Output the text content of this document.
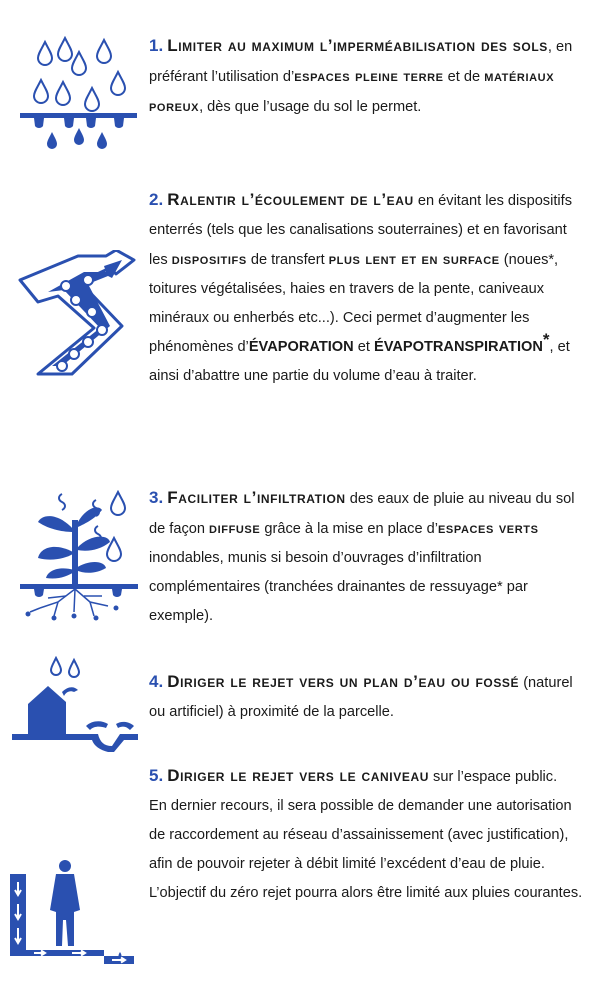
1. Limiter au maximum l’imperméabilisation des sols, en préférant l’utilisation d’espaces pleine terre et de matériaux poreux, dès que l’usage du sol le permet.

2. Ralentir l’écoulement de l’eau en évitant les dispositifs enterrés (tels que les canalisations souterraines) et en favorisant les dispositifs de transfert plus lent et en surface (noues*, toitures végétalisées, haies en travers de la pente, caniveaux minéraux ou enherbés etc...). Ceci permet d’augmenter les phénomènes d’ÉVAPORATION et ÉVAPOTRANSPIRATION*, et ainsi d’abattre une partie du volume d’eau à traiter.

3. Faciliter l’infiltration des eaux de pluie au niveau du sol de façon diffuse grâce à la mise en place d’espaces verts inondables, munis si besoin d’ouvrages d’infiltration complémentaires (tranchées drainantes de ressuyage* par exemple).

4. Diriger le rejet vers un plan d’eau ou fossé (naturel ou artificiel) à proximité de la parcelle.

5. Diriger le rejet vers le caniveau sur l’espace public.
En dernier recours, il sera possible de demander une autorisation de raccordement au réseau d’assainissement (avec justification), afin de pouvoir rejeter à débit limité l’excédent d’eau de pluie. L’objectif du zéro rejet pourra alors être limité aux pluies courantes.
